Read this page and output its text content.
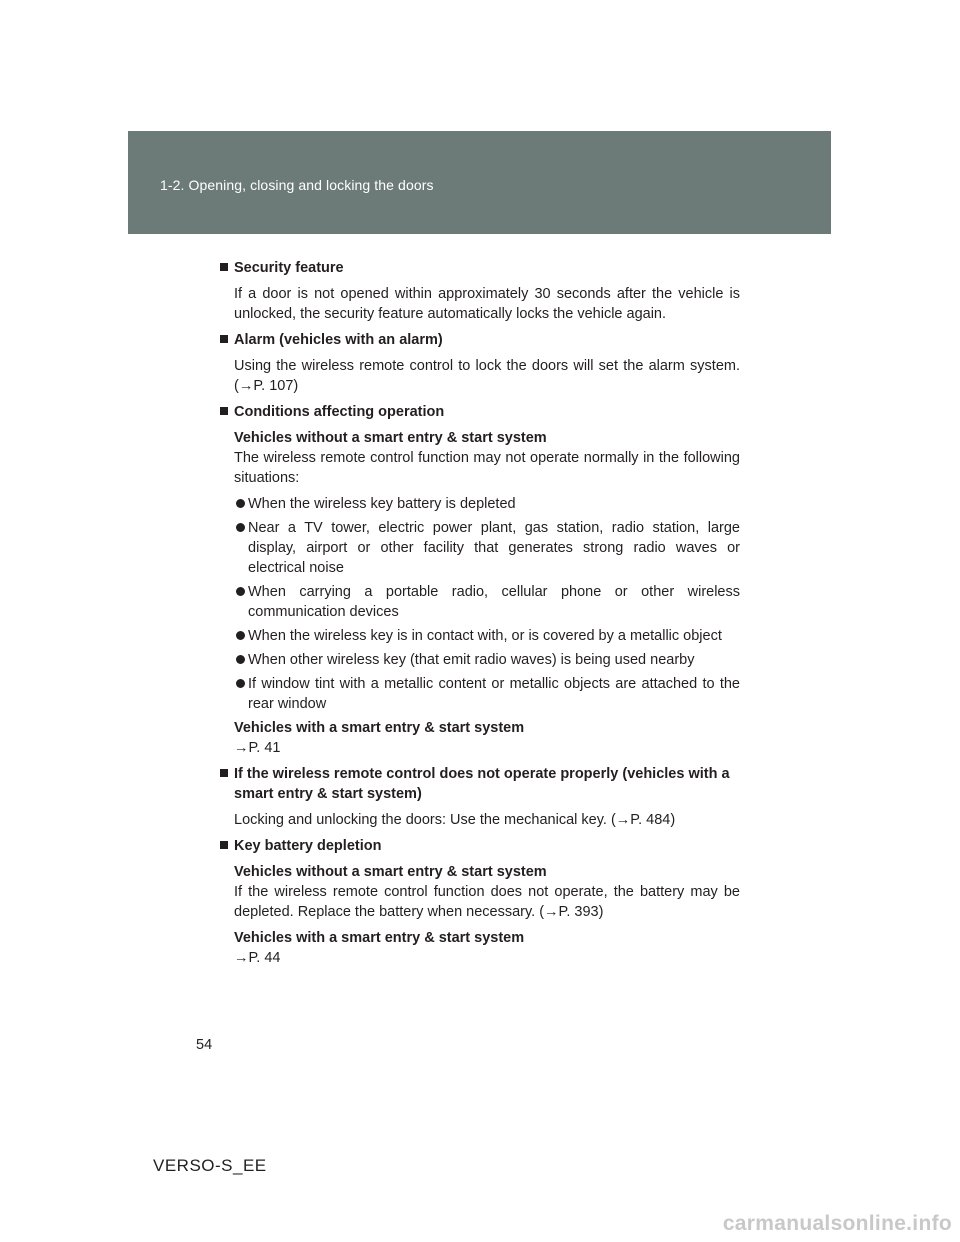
1-2. Opening, closing and locking the doors
Security feature
If a door is not opened within approximately 30 seconds after the vehicle is unlocked, the security feature automatically locks the vehicle again.
Alarm (vehicles with an alarm)
Using the wireless remote control to lock the doors will set the alarm system. (→P. 107)
Conditions affecting operation
Vehicles without a smart entry & start system
The wireless remote control function may not operate normally in the following situations:
When the wireless key battery is depleted
Near a TV tower, electric power plant, gas station, radio station, large display, airport or other facility that generates strong radio waves or electrical noise
When carrying a portable radio, cellular phone or other wireless communication devices
When the wireless key is in contact with, or is covered by a metallic object
When other wireless key (that emit radio waves) is being used nearby
If window tint with a metallic content or metallic objects are attached to the rear window
Vehicles with a smart entry & start system
→P. 41
If the wireless remote control does not operate properly (vehicles with a smart entry & start system)
Locking and unlocking the doors: Use the mechanical key. (→P. 484)
Key battery depletion
Vehicles without a smart entry & start system
If the wireless remote control function does not operate, the battery may be depleted. Replace the battery when necessary. (→P. 393)
Vehicles with a smart entry & start system
→P. 44
54
VERSO-S_EE
carmanualsonline.info
